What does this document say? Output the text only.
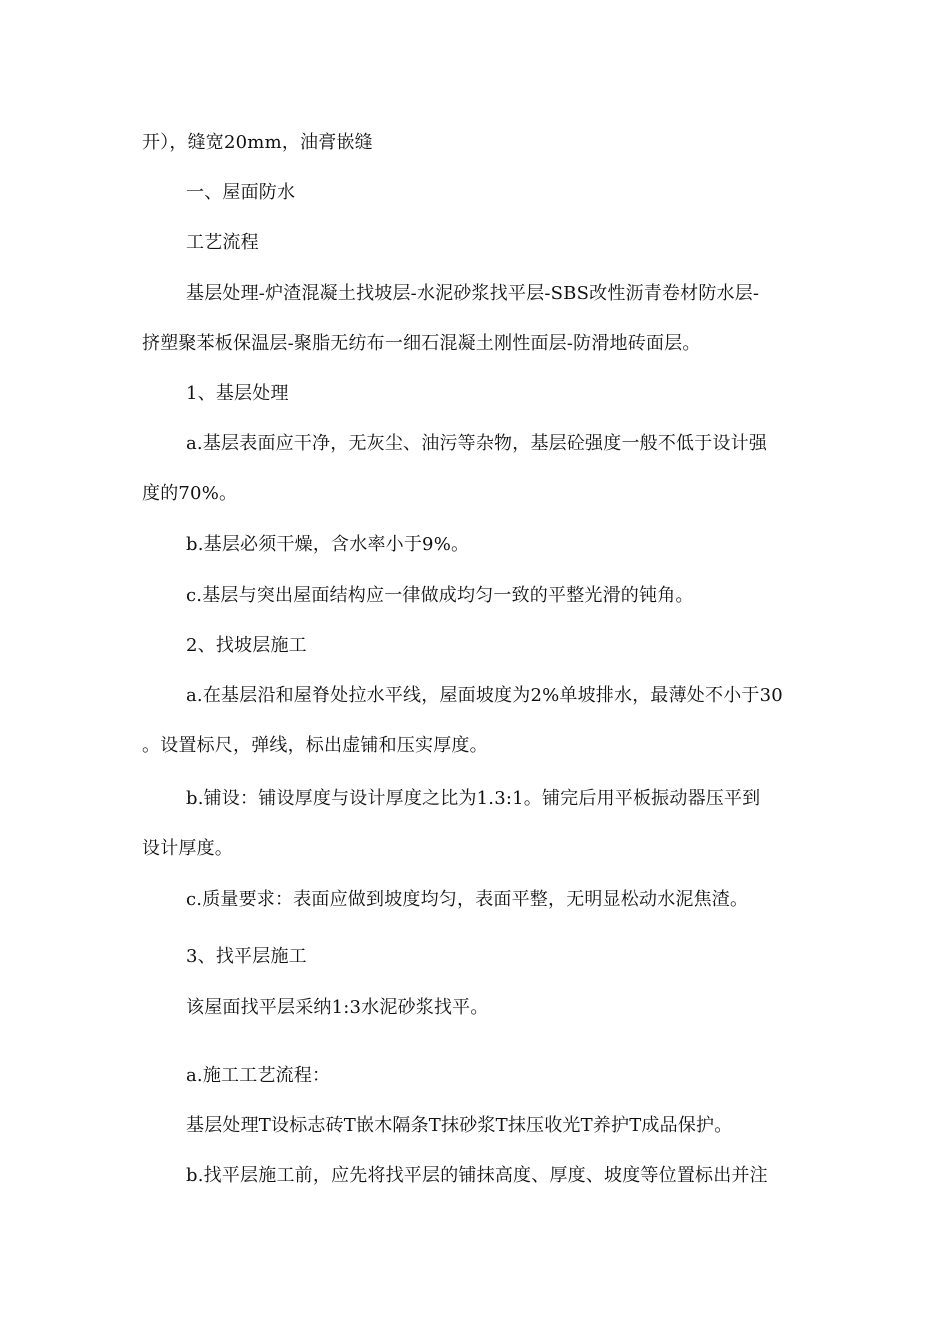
开），缝宽20mm，油膏嵌缝
一、屋面防水
工艺流程
基层处理-炉渣混凝土找坡层-水泥砂浆找平层-SBS改性沥青卷材防水层-
挤塑聚苯板保温层-聚脂无纺布一细石混凝土刚性面层-防滑地砖面层。
1、基层处理
a.基层表面应干净，无灰尘、油污等杂物，基层砼强度一般不低于设计强
度的70%。
b.基层必须干燥，含水率小于9%。
c.基层与突出屋面结构应一律做成均匀一致的平整光滑的钝角。
2、找坡层施工
a.在基层沿和屋脊处拉水平线，屋面坡度为2%单坡排水，最薄处不小于30
。设置标尺，弹线，标出虚铺和压实厚度。
b.铺设：铺设厚度与设计厚度之比为1.3:1。铺完后用平板振动器压平到
设计厚度。
c.质量要求：表面应做到坡度均匀，表面平整，无明显松动水泥焦渣。
3、找平层施工
该屋面找平层采纳1:3水泥砂浆找平。
a.施工工艺流程：
基层处理T设标志砖T嵌木隔条T抹砂浆T抹压收光T养护T成品保护。
b.找平层施工前，应先将找平层的铺抹高度、厚度、坡度等位置标出并注
